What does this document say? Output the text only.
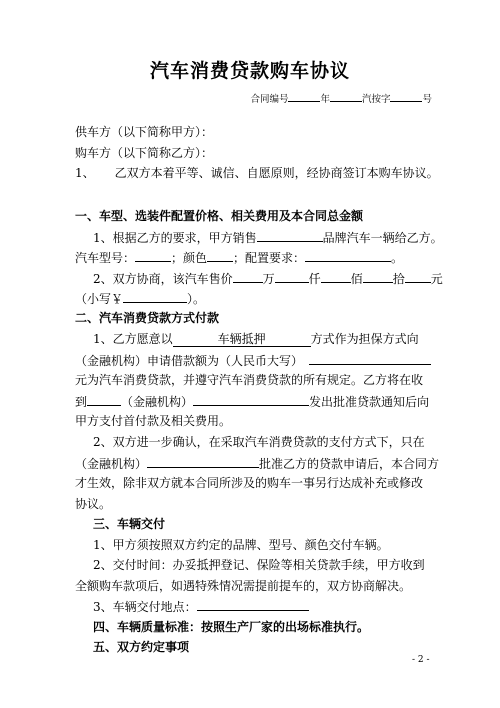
汽车消费贷款购车协议
合同编号	年	汽按字	号
供车方（以下简称甲方）：
购车方（以下简称乙方）：
1、 乙双方本着平等、诚信、自愿原则，经协商签订本购车协议。
一、车型、选装件配置价格、相关费用及本合同总金额
1、根据乙方的要求，甲方销售	品牌汽车一辆给乙方。
汽车型号：	；颜色 ；配置要求：	。
2、双方协商，该汽车售价	万	仟	佰	拾 元
（小写￥	）。
二、汽车消费贷款方式付款
1、乙方愿意以	车辆抵押	方式作为担保方式向
（金融机构）申请借款额为（人民币大写）
元为汽车消费贷款，并遵守汽车消费贷款的所有规定。乙方将在收
到	（金融机构）	发出批准贷款通知后向
甲方支付首付款及相关费用。
2、双方进一步确认，在采取汽车消费贷款的支付方式下，只在
（金融机构）	批准乙方的贷款申请后，本合同方
才生效，除非双方就本合同所涉及的购车一事另行达成补充或修改
协议。
三、车辆交付
1、甲方须按照双方约定的品牌、型号、颜色交付车辆。
2、交付时间：办妥抵押登记、保险等相关贷款手续，甲方收到
全额购车款项后，如遇特殊情况需提前提车的，双方协商解决。
3、车辆交付地点：
四、车辆质量标准：按照生产厂家的出场标准执行。
五、双方约定事项
- 2 -
